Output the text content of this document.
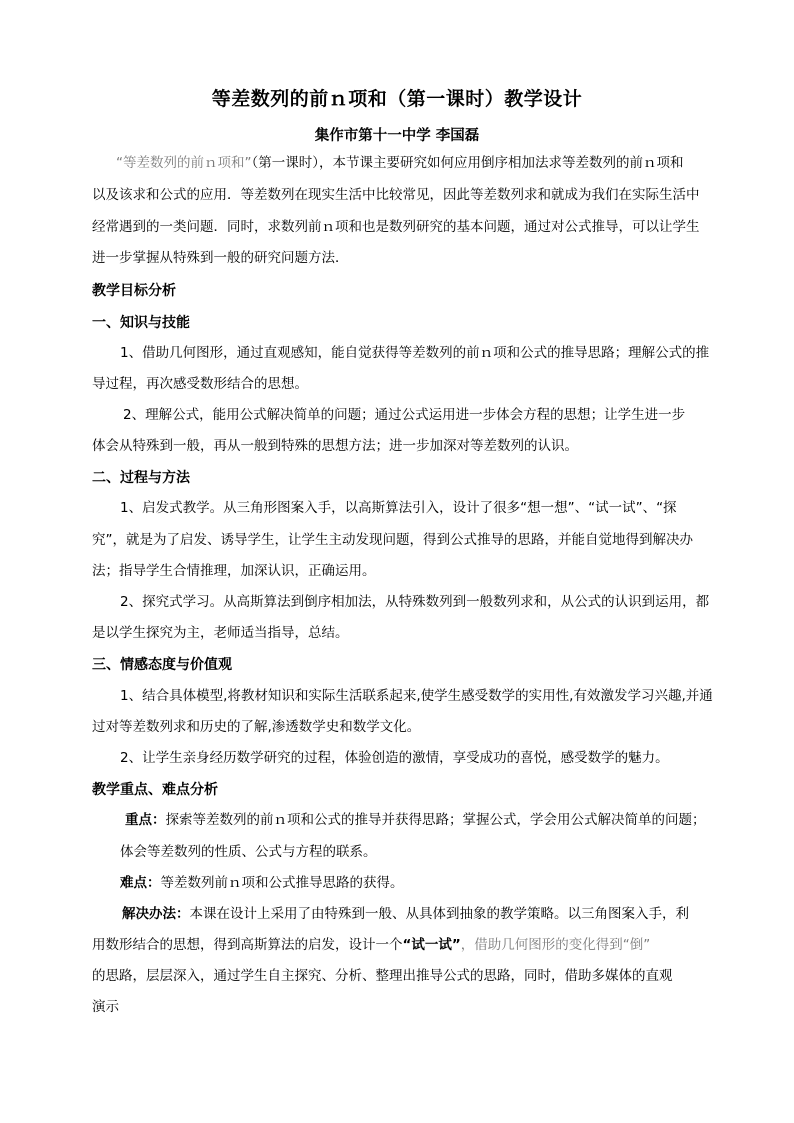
等差数列的前ｎ项和（第一课时）教学设计
集作市第十一中学 李国磊
“等差数列的前ｎ项和”（第一课时），本节课主要研究如何应用倒序相加法求等差数列的前ｎ项和
以及该求和公式的应用．等差数列在现实生活中比较常见，因此等差数列求和就成为我们在实际生活中
经常遇到的一类问题．同时，求数列前ｎ项和也是数列研究的基本问题，通过对公式推导，可以让学生
进一步掌握从特殊到一般的研究问题方法．
教学目标分析
一、知识与技能
1、借助几何图形，通过直观感知，能自觉获得等差数列的前ｎ项和公式的推导思路；理解公式的推
导过程，再次感受数形结合的思想。
2、理解公式，能用公式解决简单的问题；通过公式运用进一步体会方程的思想；让学生进一步
体会从特殊到一般，再从一般到特殊的思想方法；进一步加深对等差数列的认识。
二、过程与方法
1、启发式教学。从三角形图案入手，以高斯算法引入，设计了很多“想一想”、“试一试”、“探
究”，就是为了启发、诱导学生，让学生主动发现问题，得到公式推导的思路，并能自觉地得到解决办
法；指导学生合情推理，加深认识，正确运用。
2、探究式学习。从高斯算法到倒序相加法，从特殊数列到一般数列求和，从公式的认识到运用，都
是以学生探究为主，老师适当指导，总结。
三、情感态度与价值观
1、结合具体模型,将教材知识和实际生活联系起来,使学生感受数学的实用性,有效激发学习兴趣,并通
过对等差数列求和历史的了解,渗透数学史和数学文化。
2、让学生亲身经历数学研究的过程，体验创造的激情，享受成功的喜悦，感受数学的魅力。
教学重点、难点分析
重点：探索等差数列的前ｎ项和公式的推导并获得思路；掌握公式，学会用公式解决简单的问题；
体会等差数列的性质、公式与方程的联系。
难点：等差数列前ｎ项和公式推导思路的获得。
解决办法：本课在设计上采用了由特殊到一般、从具体到抽象的教学策略。以三角图案入手，利
用数形结合的思想，得到高斯算法的启发，设计一个“试一试”，借助几何图形的变化得到“倒”
的思路，层层深入，通过学生自主探究、分析、整理出推导公式的思路，同时，借助多媒体的直观
演示
